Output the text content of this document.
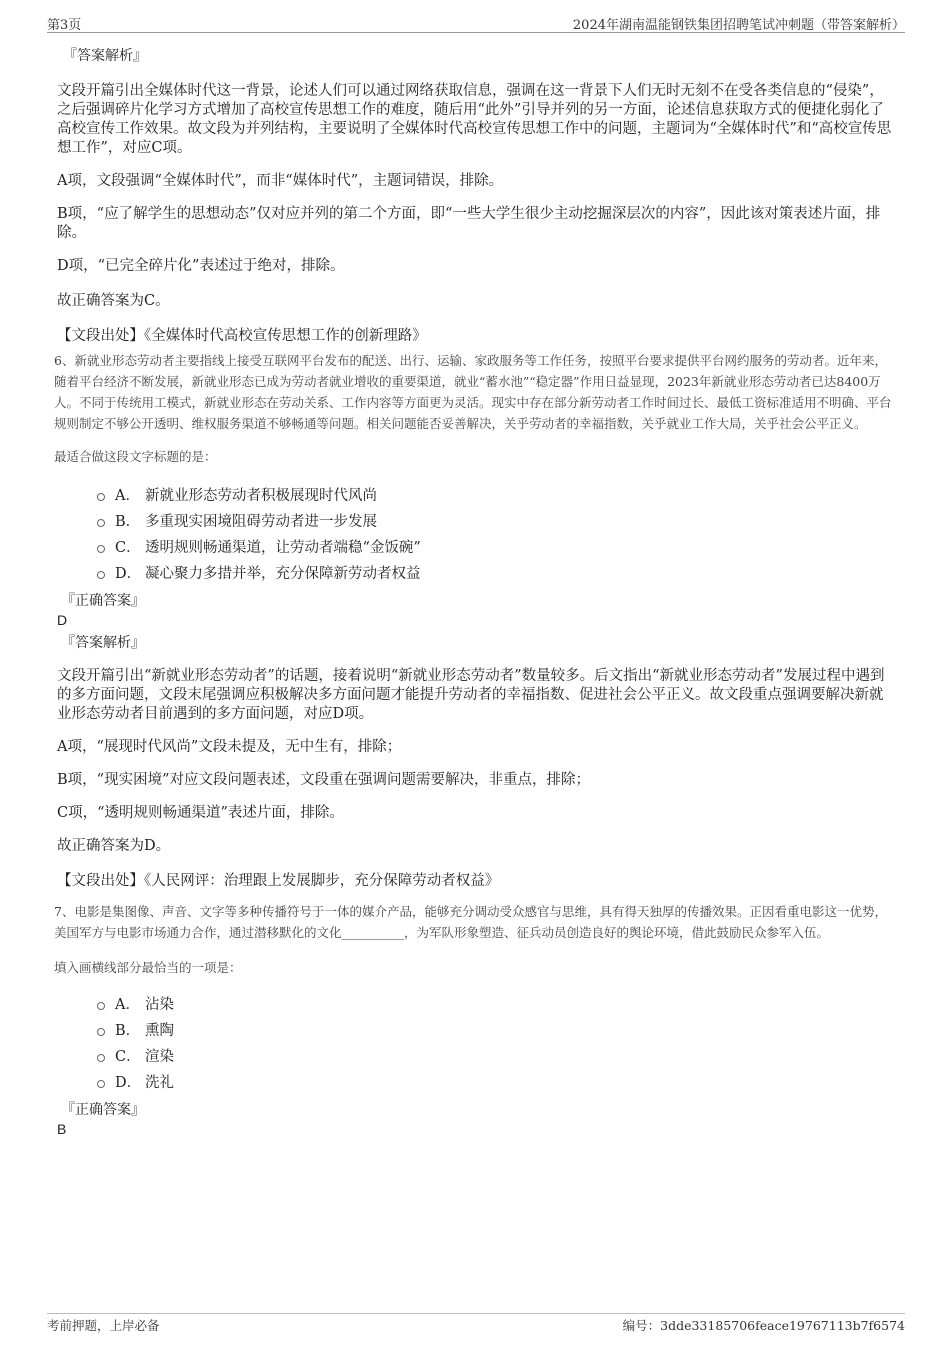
第3页	2024年湖南温能钢铁集团招聘笔试冲刺题（带答案解析）
『答案解析』
文段开篇引出全媒体时代这一背景，论述人们可以通过网络获取信息，强调在这一背景下人们无时无刻不在受各类信息的“侵染”，之后强调碎片化学习方式增加了高校宣传思想工作的难度，随后用“此外”引导并列的另一方面，论述信息获取方式的便捷化弱化了高校宣传工作效果。故文段为并列结构，主要说明了全媒体时代高校宣传思想工作中的问题，主题词为“全媒体时代”和“高校宣传思想工作”，对应C项。
A项，文段强调“全媒体时代”，而非“媒体时代”，主题词错误，排除。
B项，“应了解学生的思想动态”仅对应并列的第二个方面，即“一些大学生很少主动挖掘深层次的内容”，因此该对策表述片面，排除。
D项，“已完全碎片化”表述过于绝对，排除。
故正确答案为C。
【文段出处】《全媒体时代高校宣传思想工作的创新理路》
6、新就业形态劳动者主要指线上接受互联网平台发布的配送、出行、运输、家政服务等工作任务，按照平台要求提供平台网约服务的劳动者。近年来，随着平台经济不断发展，新就业形态已成为劳动者就业增收的重要渠道，就业“蓄水池”“稳定器”作用日益显现，2023年新就业形态劳动者已达8400万人。不同于传统用工模式，新就业形态在劳动关系、工作内容等方面更为灵活。现实中存在部分新劳动者工作时间过长、最低工资标准适用不明确、平台规则制定不够公开透明、维权服务渠道不够畅通等问题。相关问题能否妥善解决，关乎劳动者的幸福指数，关乎就业工作大局，关乎社会公平正义。
最适合做这段文字标题的是：
A． 新就业形态劳动者积极展现时代风尚
B． 多重现实困境阻碍劳动者进一步发展
C． 透明规则畅通渠道，让劳动者端稳“金饭碗”
D． 凝心聚力多措并举，充分保障新劳动者权益
『正确答案』
D
『答案解析』
文段开篇引出“新就业形态劳动者”的话题，接着说明“新就业形态劳动者”数量较多。后文指出“新就业形态劳动者”发展过程中遇到的多方面问题，文段末尾强调应积极解决多方面问题才能提升劳动者的幸福指数、促进社会公平正义。故文段重点强调要解决新就业形态劳动者目前遇到的多方面问题，对应D项。
A项，“展现时代风尚”文段未提及，无中生有，排除；
B项，“现实困境”对应文段问题表述，文段重在强调问题需要解决，非重点，排除；
C项，“透明规则畅通渠道”表述片面，排除。
故正确答案为D。
【文段出处】《人民网评：治理跟上发展脚步，充分保障劳动者权益》
7、电影是集图像、声音、文字等多种传播符号于一体的媒介产品，能够充分调动受众感官与思维，具有得天独厚的传播效果。正因看重电影这一优势，美国军方与电影市场通力合作，通过潜移默化的文化__________，为军队形象塑造、征兵动员创造良好的舆论环境，借此鼓励民众参军入伍。
填入画横线部分最恰当的一项是：
A． 沾染
B． 熏陶
C． 渲染
D． 洗礼
『正确答案』
B
考前押题，上岸必备	编号：3dde33185706feace19767113b7f6574
